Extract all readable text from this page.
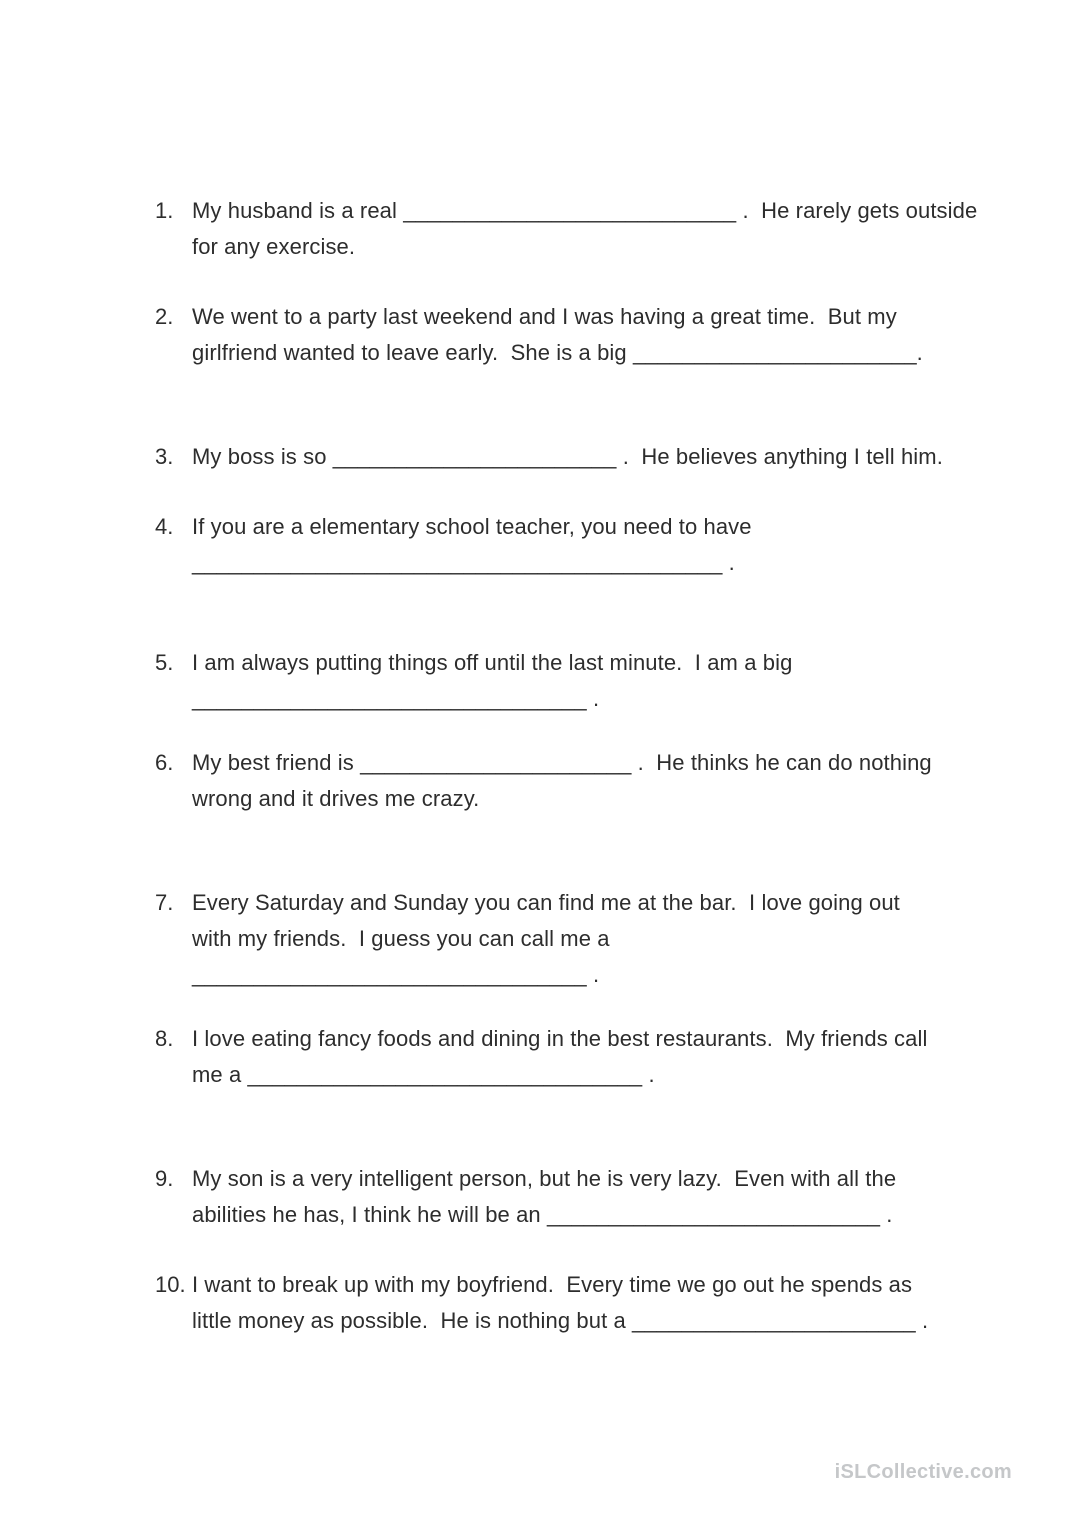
1. My husband is a real ___________________________ .  He rarely gets outside
for any exercise.
2. We went to a party last weekend and I was having a great time.  But my
girlfriend wanted to leave early.  She is a big _______________________.
3. My boss is so _______________________ .  He believes anything I tell him.
4. If you are a elementary school teacher, you need to have
___________________________________________ .
5. I am always putting things off until the last minute.  I am a big
________________________________ .
6. My best friend is ______________________ .  He thinks he can do nothing
wrong and it drives me crazy.
7. Every Saturday and Sunday you can find me at the bar.  I love going out
with my friends.  I guess you can call me a
________________________________ .
8. I love eating fancy foods and dining in the best restaurants.  My friends call
me a ________________________________ .
9. My son is a very intelligent person, but he is very lazy.  Even with all the
abilities he has, I think he will be an ___________________________ .
10. I want to break up with my boyfriend.  Every time we go out he spends as
little money as possible.  He is nothing but a _______________________ .
iSLCollective.com
